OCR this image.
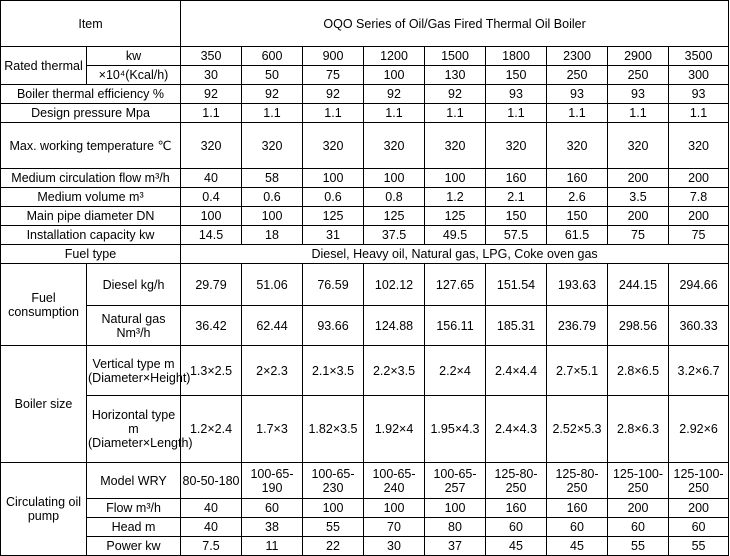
Item		OQO Series of Oil/Gas Fired Thermal Oil Boiler								
Rated thermal	kw	350	600	900	1200	1500	1800	2300	2900	3500
	×10⁴(Kcal/h)	30	50	75	100	130	150	250	250	300
Boiler thermal efficiency %		92	92	92	92	92	93	93	93	93
Design pressure Mpa		1.1	1.1	1.1	1.1	1.1	1.1	1.1	1.1	1.1
Max. working temperature ℃		320	320	320	320	320	320	320	320	320
Medium circulation flow m³/h		40	58	100	100	100	160	160	200	200
Medium volume m³		0.4	0.6	0.6	0.8	1.2	2.1	2.6	3.5	7.8
Main pipe diameter DN		100	100	125	125	125	150	150	200	200
Installation capacity kw		14.5	18	31	37.5	49.5	57.5	61.5	75	75
Fuel type		Diesel, Heavy oil, Natural gas, LPG, Coke oven gas								
Fuel consumption	Diesel kg/h	29.79	51.06	76.59	102.12	127.65	151.54	193.63	244.15	294.66
	Natural gas Nm³/h	36.42	62.44	93.66	124.88	156.11	185.31	236.79	298.56	360.33
Boiler size	Vertical type m (Diameter×Height)	1.3×2.5	2×2.3	2.1×3.5	2.2×3.5	2.2×4	2.4×4.4	2.7×5.1	2.8×6.5	3.2×6.7
	Horizontal type m (Diameter×Length)	1.2×2.4	1.7×3	1.82×3.5	1.92×4	1.95×4.3	2.4×4.3	2.52×5.3	2.8×6.3	2.92×6
Circulating oil pump	Model WRY	80-50-180	100-65-190	100-65-230	100-65-240	100-65-257	125-80-250	125-80-250	125-100-250	125-100-250
	Flow m³/h	40	60	100	100	100	160	160	200	200
	Head m	40	38	55	70	80	60	60	60	60
	Power kw	7.5	11	22	30	37	45	45	55	55
